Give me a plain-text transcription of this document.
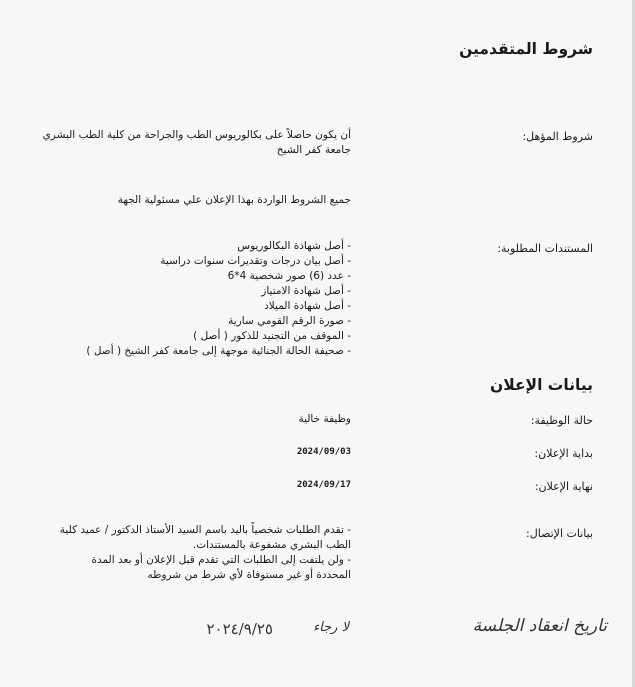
شروط المتقدمين
شروط المؤهل:
أن يكون حاصلاً على بكالوريوس الطب والجراحة من كلية الطب البشري
جامعة كفر الشيخ
جميع الشروط الواردة بهذا الإعلان علي مسئولية الجهة
المستندات المطلوبة:
- أصل شهادة البكالوريوس
- أصل بيان درجات وتقديرات سنوات دراسية
- عدد (6) صور شخصية 4*6
- أصل شهادة الامتياز
- أصل شهادة الميلاد
- صورة الرقم القومي سارية
- الموقف من التجنيد للذكور ( أصل )
- صحيفة الحالة الجنائية موجهة إلى جامعة كفر الشيخ ( أصل )
بيانات الإعلان
حالة الوظيفة:
وظيفة خالية
بداية الإعلان:
2024/09/03
نهاية الإعلان:
2024/09/17
بيانات الإتصال:
- تقدم الطلبات شخصياً باليد باسم السيد الأستاذ الدكتور / عميد كلية
الطب البشري مشفوعة بالمستندات.
- ولن يلتفت إلى الطلبات التي تقدم قبل الإعلان أو بعد المدة
المحددة أو غير مستوفاة لأي شرط من شروطه
تاريخ انعقاد الجلسة
لا رجاء
٢٠٢٤/٩/٢٥
